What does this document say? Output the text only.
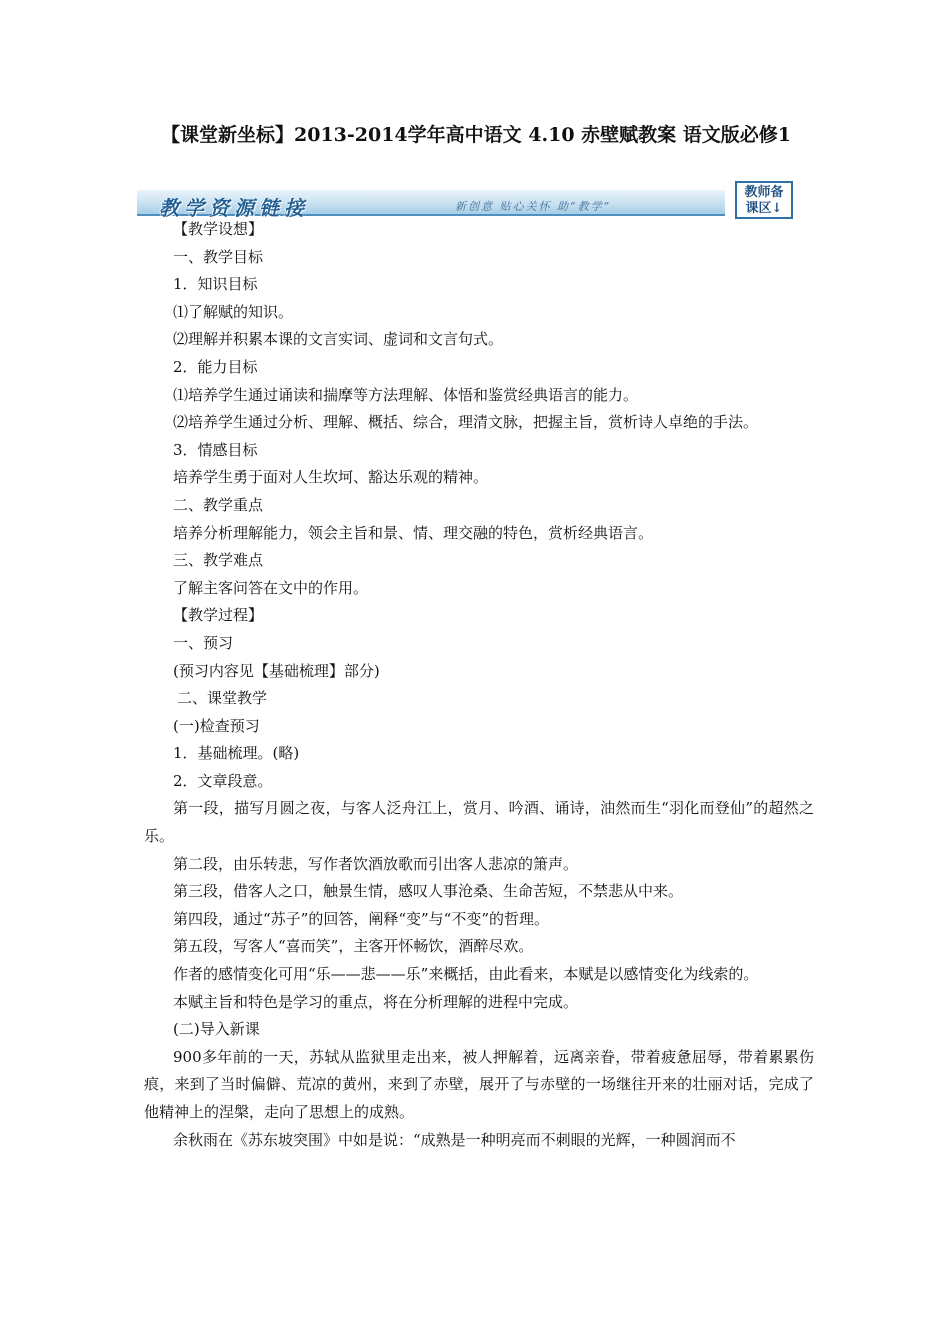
【课堂新坐标】2013-2014学年高中语文 4.10 赤壁赋教案 语文版必修1
教学资源链接	新创意 贴心关怀 助“教学”
教师备
课区↓

【教学设想】

一、教学目标

1．知识目标

⑴了解赋的知识。

⑵理解并积累本课的文言实词、虚词和文言句式。

2．能力目标

⑴培养学生通过诵读和揣摩等方法理解、体悟和鉴赏经典语言的能力。

⑵培养学生通过分析、理解、概括、综合，理清文脉，把握主旨，赏析诗人卓绝的手法。

3．情感目标

培养学生勇于面对人生坎坷、豁达乐观的精神。

二、教学重点

培养分析理解能力，领会主旨和景、情、理交融的特色，赏析经典语言。

三、教学难点

了解主客问答在文中的作用。

【教学过程】

一、预习

(预习内容见【基础梳理】部分)

二、课堂教学

(一)检查预习

1．基础梳理。(略)

2．文章段意。

第一段，描写月圆之夜，与客人泛舟江上，赏月、吟酒、诵诗，油然而生“羽化而登仙”的超然之乐。

第二段，由乐转悲，写作者饮酒放歌而引出客人悲凉的箫声。

第三段，借客人之口，触景生情，感叹人事沧桑、生命苦短，不禁悲从中来。

第四段，通过“苏子”的回答，阐释“变”与“不变”的哲理。

第五段，写客人“喜而笑”，主客开怀畅饮，酒醉尽欢。

作者的感情变化可用“乐——悲——乐”来概括，由此看来，本赋是以感情变化为线索的。

本赋主旨和特色是学习的重点，将在分析理解的进程中完成。

(二)导入新课

900多年前的一天，苏轼从监狱里走出来，被人押解着，远离亲眷，带着疲惫屈辱，带着累累伤痕，来到了当时偏僻、荒凉的黄州，来到了赤壁，展开了与赤壁的一场继往开来的壮丽对话，完成了他精神上的涅槃，走向了思想上的成熟。

余秋雨在《苏东坡突围》中如是说：“成熟是一种明亮而不刺眼的光辉，一种圆润而不
